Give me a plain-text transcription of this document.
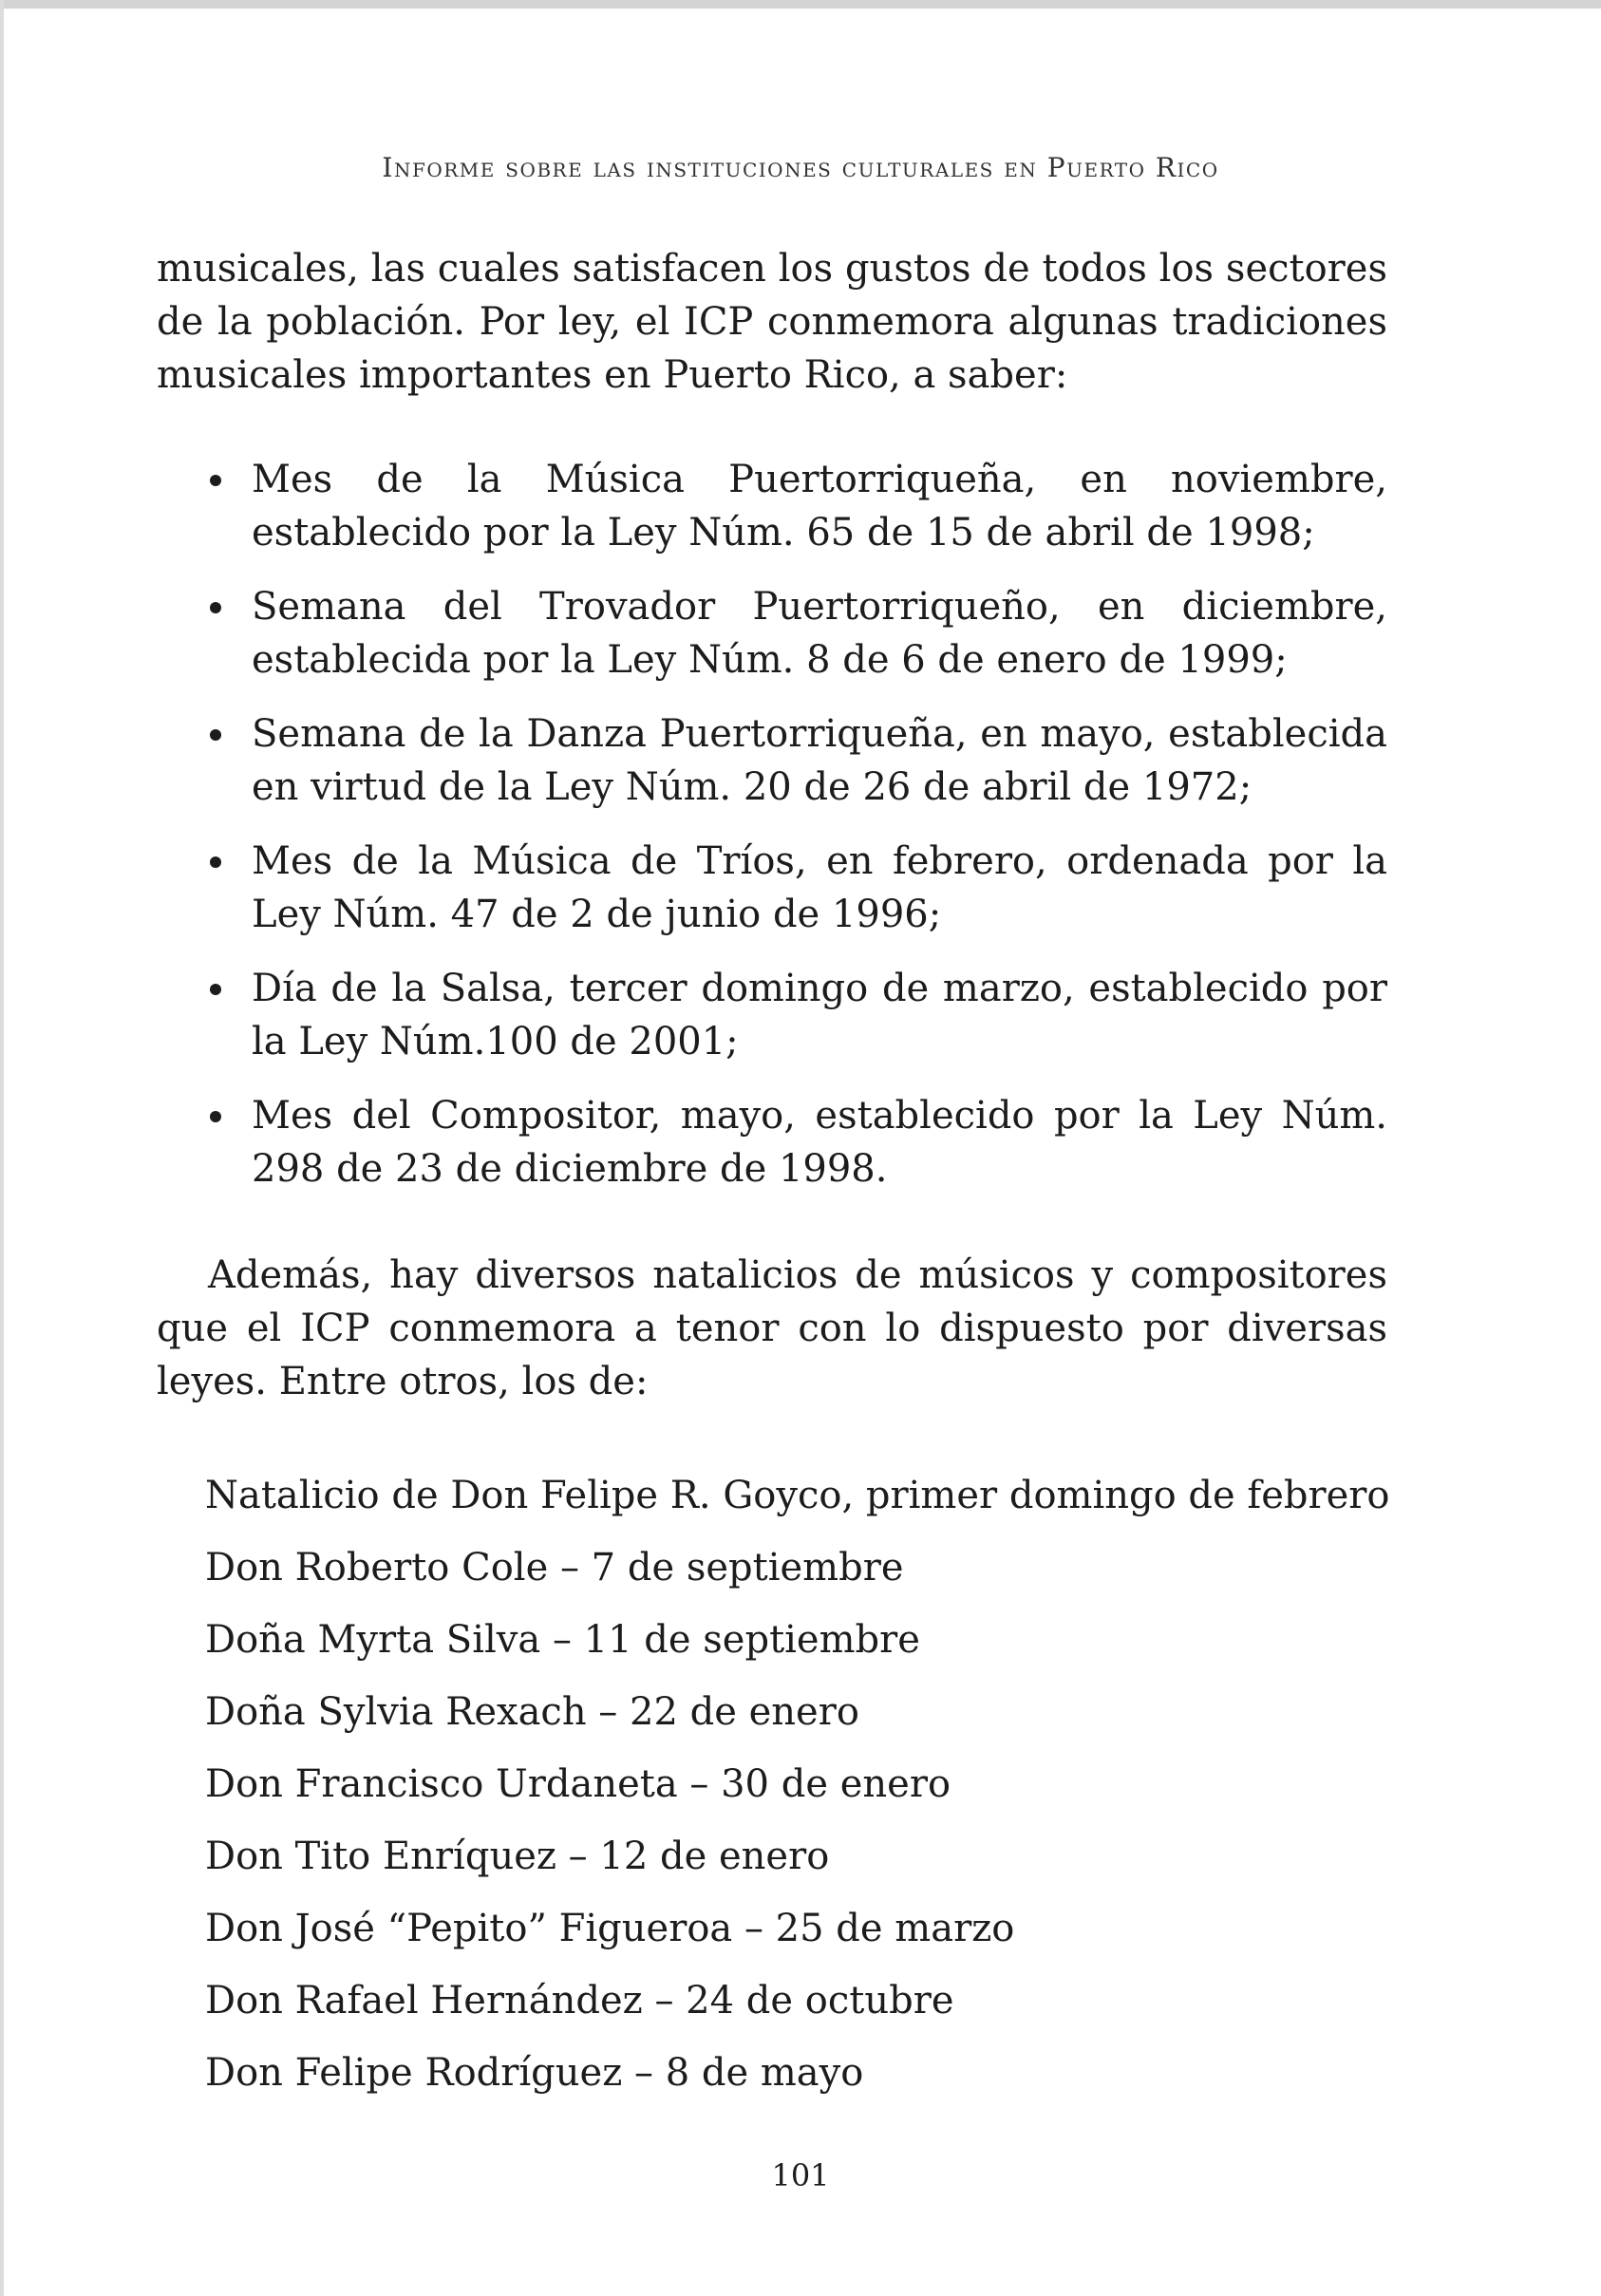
Informe sobre las instituciones culturales en Puerto Rico

musicales, las cuales satisfacen los gustos de todos los sectores de la población. Por ley, el ICP conmemora algunas tradiciones musicales importantes en Puerto Rico, a saber:

Mes de la Música Puertorriqueña, en noviembre, establecido por la Ley Núm. 65 de 15 de abril de 1998;
Semana del Trovador Puertorriqueño, en diciembre, establecida por la Ley Núm. 8 de 6 de enero de 1999;
Semana de la Danza Puertorriqueña, en mayo, establecida en virtud de la Ley Núm. 20 de 26 de abril de 1972;
Mes de la Música de Tríos, en febrero, ordenada por la Ley Núm. 47 de 2 de junio de 1996;
Día de la Salsa, tercer domingo de marzo, establecido por la Ley Núm.100 de 2001;
Mes del Compositor, mayo, establecido por la Ley Núm. 298 de 23 de diciembre de 1998.

Además, hay diversos natalicios de músicos y compositores que el ICP conmemora a tenor con lo dispuesto por diversas leyes. Entre otros, los de:

Natalicio de Don Felipe R. Goyco, primer domingo de febrero
Don Roberto Cole – 7 de septiembre
Doña Myrta Silva – 11 de septiembre
Doña Sylvia Rexach – 22 de enero
Don Francisco Urdaneta – 30 de enero
Don Tito Enríquez – 12 de enero
Don José “Pepito” Figueroa – 25 de marzo
Don Rafael Hernández – 24 de octubre
Don Felipe Rodríguez – 8 de mayo
101
